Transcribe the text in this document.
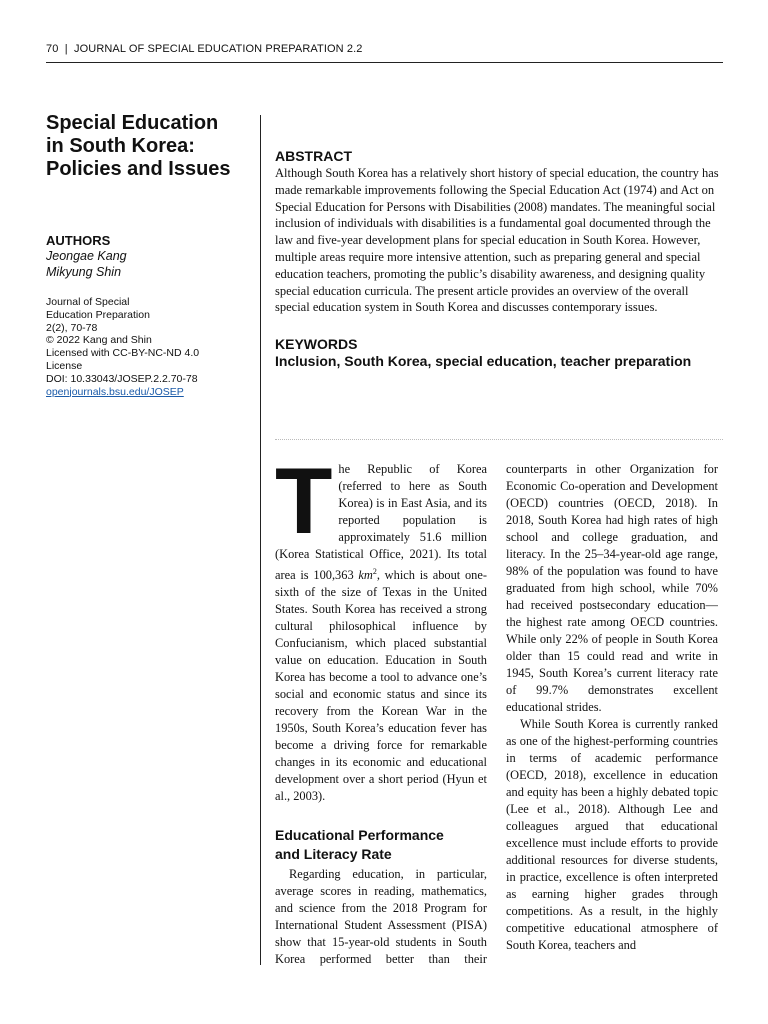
70 | JOURNAL OF SPECIAL EDUCATION PREPARATION 2.2
Special Education
in South Korea:
Policies and Issues
AUTHORS
Jeongae Kang
Mikyung Shin
Journal of Special
Education Preparation
2(2), 70-78
© 2022 Kang and Shin
Licensed with CC-BY-NC-ND 4.0
License
DOI: 10.33043/JOSEP.2.2.70-78
openjournals.bsu.edu/JOSEP
ABSTRACT

Although South Korea has a relatively short history of special education, the country has made remarkable improvements following the Special Education Act (1974) and Act on Special Education for Persons with Disabilities (2008) mandates. The meaningful social inclusion of individuals with disabilities is a fundamental goal documented through the law and five-year development plans for special education in South Korea. However, multiple areas require more intensive attention, such as preparing general and special education teachers, promoting the public’s disability awareness, and designing quality special education curricula. The present article provides an overview of the overall special education system in South Korea and discusses contemporary issues.

KEYWORDS
Inclusion, South Korea, special education, teacher preparation

The Republic of Korea (referred to here as South Korea) is in East Asia, and its reported population is approximately 51.6 million (Korea Statistical Office, 2021). Its total area is 100,363 $km^2$, which is about one-sixth of the size of Texas in the United States. South Korea has received a strong cultural philosophical influence by Confucianism, which placed substantial value on education. Education in South Korea has become a tool to advance one’s social and economic status and since its recovery from the Korean War in the 1950s, South Korea’s education fever has become a driving force for remarkable changes in its economic and educational development over a short period (Hyun et al., 2003).

Educational Performance
and Literacy Rate

Regarding education, in particular, average scores in reading, mathematics, and science from the 2018 Program for International Student Assessment (PISA) show that 15-year-old students in South Korea performed better than their

counterparts in other Organization for Economic Co-operation and Development (OECD) countries (OECD, 2018). In 2018, South Korea had high rates of high school and college graduation, and literacy. In the 25–34-year-old age range, 98% of the population was found to have graduated from high school, while 70% had received postsecondary education—the highest rate among OECD countries. While only 22% of people in South Korea older than 15 could read and write in 1945, South Korea’s current literacy rate of 99.7% demonstrates excellent educational strides.

While South Korea is currently ranked as one of the highest-performing countries in terms of academic performance (OECD, 2018), excellence in education and equity has been a highly debated topic (Lee et al., 2018). Although Lee and colleagues argued that educational excellence must include efforts to provide additional resources for diverse students, in practice, excellence is often interpreted as earning higher grades through competitions. As a result, in the highly competitive educational atmosphere of South Korea, teachers and
